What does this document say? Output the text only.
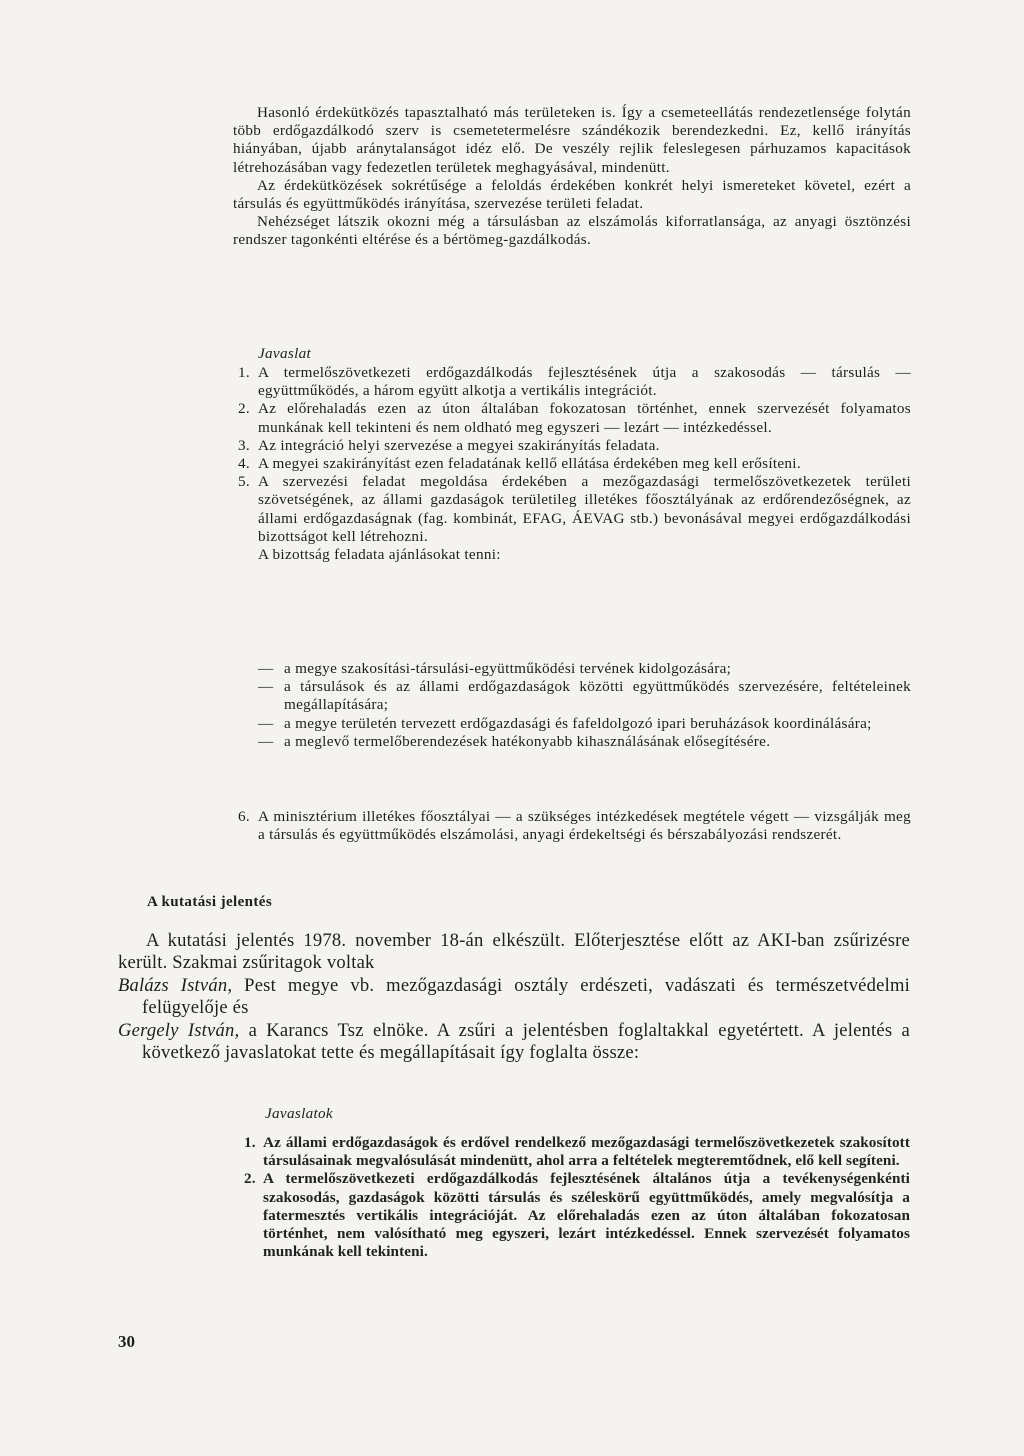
Hasonló érdekütközés tapasztalható más területeken is. Így a csemeteellátás rendezetlensége folytán több erdőgazdálkodó szerv is csemetetermelésre szándékozik berendezkedni. Ez, kellő irányítás hiányában, újabb aránytalanságot idéz elő. De veszély rejlik feleslegesen párhuzamos kapacitások létrehozásában vagy fedezetlen területek meghagyásával, mindenütt.

Az érdekütközések sokrétűsége a feloldás érdekében konkrét helyi ismereteket követel, ezért a társulás és együttműködés irányítása, szervezése területi feladat.

Nehézséget látszik okozni még a társulásban az elszámolás kiforratlansága, az anyagi ösztönzési rendszer tagonkénti eltérése és a bértömeg-gazdálkodás.

Javaslat
1. A termelőszövetkezeti erdőgazdálkodás fejlesztésének útja a szakosodás — társulás — együttműködés, a három együtt alkotja a vertikális integrációt.
2. Az előrehaladás ezen az úton általában fokozatosan történhet, ennek szervezését folyamatos munkának kell tekinteni és nem oldható meg egyszeri — lezárt — intézkedéssel.
3. Az integráció helyi szervezése a megyei szakirányítás feladata.
4. A megyei szakirányítást ezen feladatának kellő ellátása érdekében meg kell erősíteni.
5. A szervezési feladat megoldása érdekében a mezőgazdasági termelőszövetkezetek területi szövetségének, az állami gazdaságok területileg illetékes főosztályának az erdőrendezőségnek, az állami erdőgazdaságnak (fag. kombinát, EFAG, ÁEVAG stb.) bevonásával megyei erdőgazdálkodási bizottságot kell létrehozni.
A bizottság feladata ajánlásokat tenni:
— a megye szakosítási-társulási-együttműködési tervének kidolgozására;
— a társulások és az állami erdőgazdaságok közötti együttműködés szervezésére, feltételeinek megállapítására;
— a megye területén tervezett erdőgazdasági és fafeldolgozó ipari beruházások koordinálására;
— a meglevő termelőberendezések hatékonyabb kihasználásának elősegítésére.
6. A minisztérium illetékes főosztályai — a szükséges intézkedések megtétele végett — vizsgálják meg a társulás és együttműködés elszámolási, anyagi érdekeltségi és bérszabályozási rendszerét.
A kutatási jelentés

A kutatási jelentés 1978. november 18-án elkészült. Előterjesztése előtt az AKI-ban zsűrizésre került. Szakmai zsűritagok voltak

Balázs István, Pest megye vb. mezőgazdasági osztály erdészeti, vadászati és természetvédelmi felügyelője és

Gergely István, a Karancs Tsz elnöke. A zsűri a jelentésben foglaltakkal egyetértett. A jelentés a következő javaslatokat tette és megállapításait így foglalta össze:

Javaslatok
1. Az állami erdőgazdaságok és erdővel rendelkező mezőgazdasági termelőszövetkezetek szakosított társulásainak megvalósulását mindenütt, ahol arra a feltételek megteremtődnek, elő kell segíteni.
2. A termelőszövetkezeti erdőgazdálkodás fejlesztésének általános útja a tevékenységenkénti szakosodás, gazdaságok közötti társulás és széleskörű együttműködés, amely megvalósítja a fatermesztés vertikális integrációját. Az előrehaladás ezen az úton általában fokozatosan történhet, nem valósítható meg egyszeri, lezárt intézkedéssel. Ennek szervezését folyamatos munkának kell tekinteni.
30
